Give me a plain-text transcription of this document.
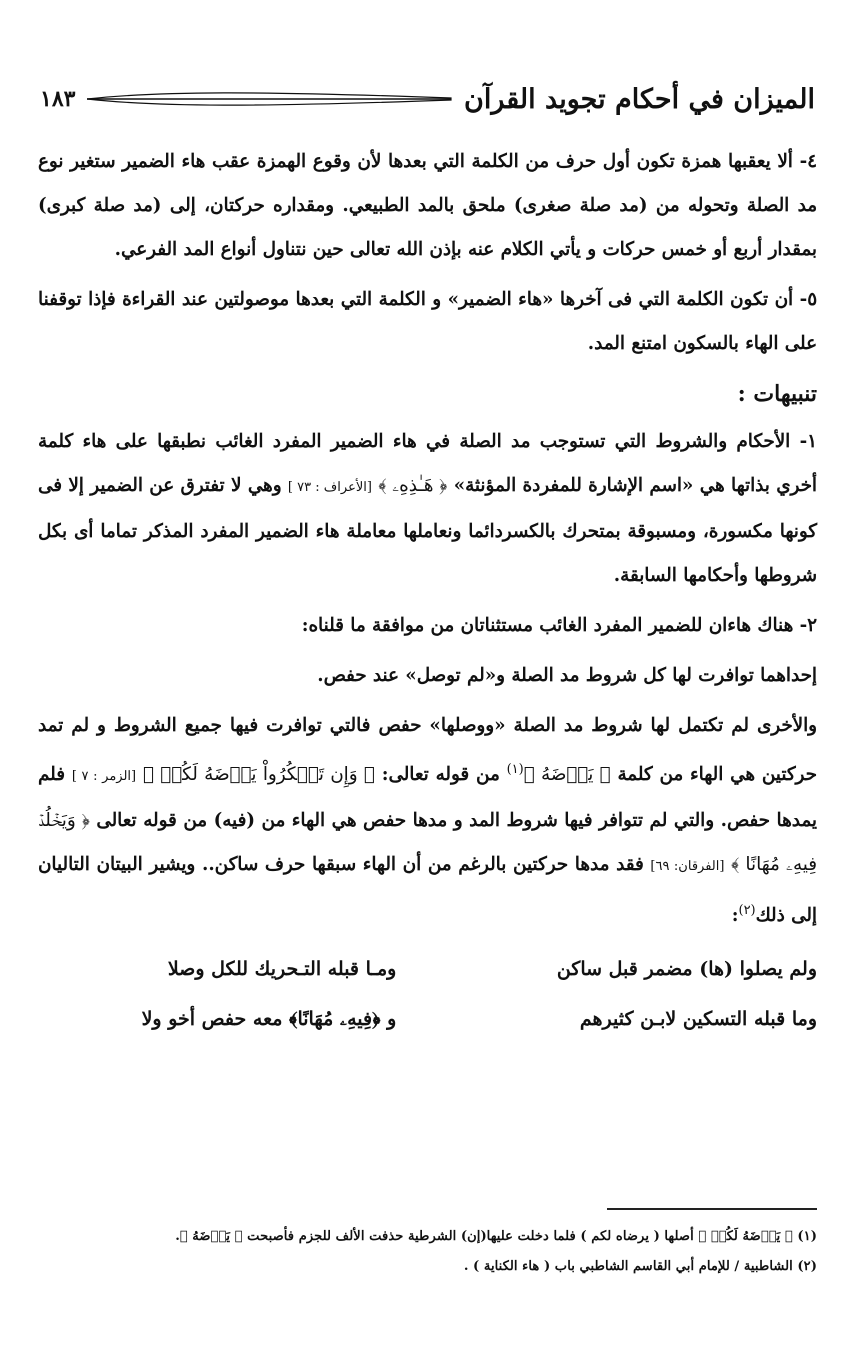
الميزان في أحكام تجويد القرآن
١٨٣

٤- ألا يعقبها همزة تكون أول حرف من الكلمة التي بعدها لأن وقوع الهمزة عقب هاء الضمير ستغير نوع مد الصلة وتحوله من (مد صلة صغرى) ملحق بالمد الطبيعي. ومقداره حركتان، إلى (مد صلة كبرى) بمقدار أربع أو خمس حركات و يأتي الكلام عنه بإذن الله تعالى حين نتناول أنواع المد الفرعي.

٥- أن تكون الكلمة التي فى آخرها «هاء الضمير» و الكلمة التي بعدها موصولتين عند القراءة فإذا توقفنا على الهاء بالسكون امتنع المد.

تنبيهات :

١- الأحكام والشروط التي تستوجب مد الصلة في هاء الضمير المفرد الغائب نطبقها على هاء كلمة أخري بذاتها هي «اسم الإشارة للمفردة المؤنثة» ﴿ هَـٰذِهِۦ ﴾ [الأعراف : ٧٣ ] وهي لا تفترق عن الضمير إلا فى كونها مكسورة، ومسبوقة بمتحرك بالكسردائما ونعاملها معاملة هاء الضمير المفرد المذكر تماما أى بكل شروطها وأحكامها السابقة.

٢- هناك هاءان للضمير المفرد الغائب مستثناتان من موافقة ما قلناه:

إحداهما توافرت لها كل شروط مد الصلة و«لم توصل» عند حفص.

والأخرى لم تكتمل لها شروط مد الصلة «ووصلها» حفص فالتي توافرت فيها جميع الشروط و لم تمد حركتين هي الهاء من كلمة ﴿ يَرۡضَهُ ﴾$^{(١)}$ من قوله تعالى: ﴿ وَإِن تَشۡكُرُواْ يَرۡضَهُ لَكُمۡ ﴾ [الزمر : ٧ ] فلم يمدها حفص. والتي لم تتوافر فيها شروط المد و مدها حفص هي الهاء من (فيه) من قوله تعالى ﴿ وَيَخۡلُدۡ فِيهِۦ مُهَانًا ﴾ [الفرقان: ٦٩] فقد مدها حركتين بالرغم من أن الهاء سبقها حرف ساكن.. ويشير البيتان التاليان إلى ذلك$^{(٢)}$:

ولم يصلوا (ها) مضمر قبل ساكن
ومـا قبله التـحريك للكل وصلا
وما قبله التسكين لابـن كثيرهم
و ﴿فِيهِۦ مُهَانًا﴾ معه حفص أخو ولا
(١) ﴿ يَرۡضَهُ لَكُمۡ ﴾ أصلها ( يرضاه لكم ) فلما دخلت عليها(إن) الشرطية حذفت الألف للجزم فأصبحت ﴿ يَرۡضَهُ ﴾.
(٢) الشاطبية / للإمام أبي القاسم الشاطبي باب ( هاء الكناية ) .
